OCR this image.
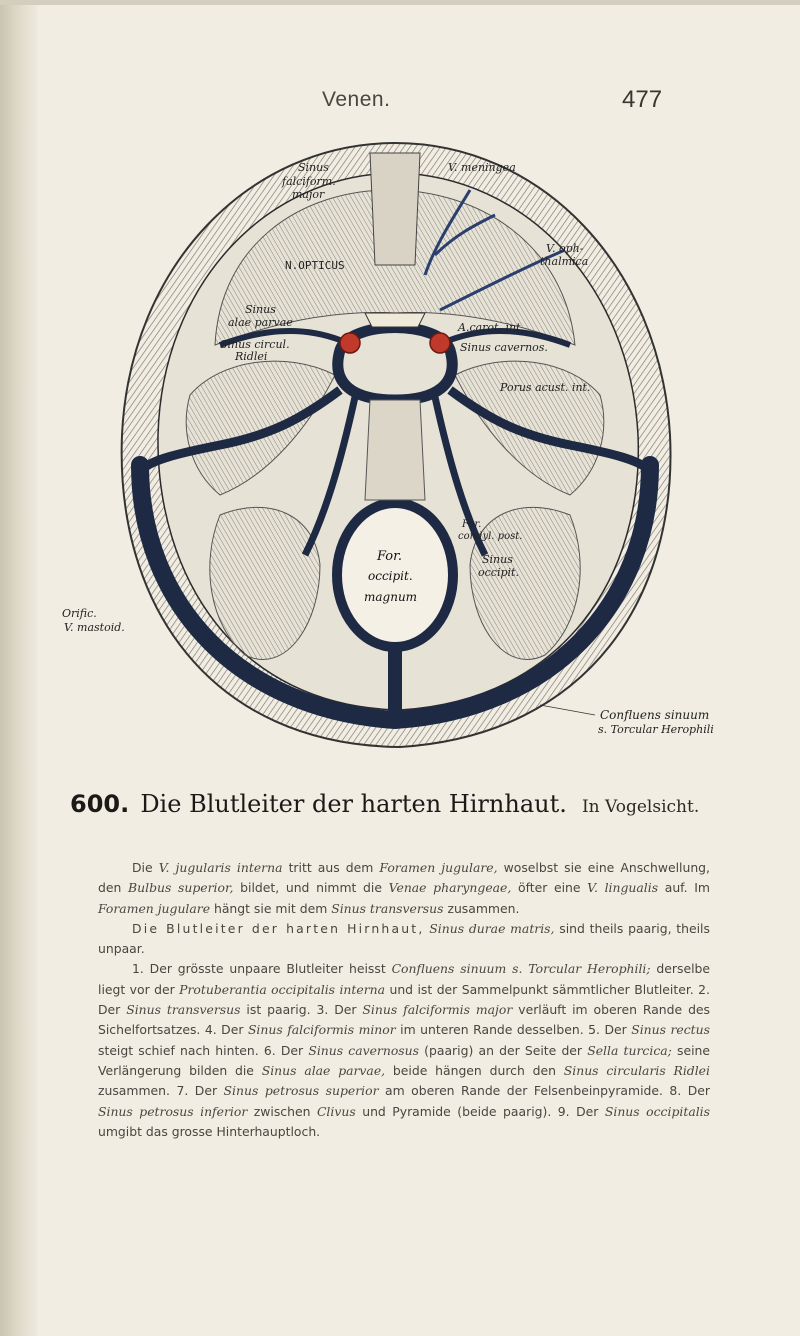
Venen.	477
Sinus
falciform.
major
V. meningea
V. oph-
thalmica
N.OPTICUS
Sinus
alae parvae
Sinus circul.
Ridlei
A.carot. int.
Sinus cavernos.
Porus acust. int.
For.
condyl. post.
Sinus
occipit.
For.
occipit.
magnum
Orific.
V. mastoid.
Confluens sinuum
s. Torcular Herophili
600. Die Blutleiter der harten Hirnhaut. In Vogelsicht.

Die V. jugularis interna tritt aus dem Foramen jugulare, woselbst sie eine Anschwellung, den Bulbus superior, bildet, und nimmt die Venae pharyngeae, öfter eine V. lingualis auf. Im Foramen jugulare hängt sie mit dem Sinus transversus zusammen.

Die Blutleiter der harten Hirnhaut, Sinus durae matris, sind theils paarig, theils unpaar.

1. Der grösste unpaare Blutleiter heisst Confluens sinuum s. Torcular Herophili; derselbe liegt vor der Protuberantia occipitalis interna und ist der Sammelpunkt sämmtlicher Blutleiter. 2. Der Sinus transversus ist paarig. 3. Der Sinus falciformis major verläuft im oberen Rande des Sichelfortsatzes. 4. Der Sinus falciformis minor im unteren Rande desselben. 5. Der Sinus rectus steigt schief nach hinten. 6. Der Sinus cavernosus (paarig) an der Seite der Sella turcica; seine Verlängerung bilden die Sinus alae parvae, beide hängen durch den Sinus circularis Ridlei zusammen. 7. Der Sinus petrosus superior am oberen Rande der Felsenbeinpyramide. 8. Der Sinus petrosus inferior zwischen Clivus und Pyramide (beide paarig). 9. Der Sinus occipitalis umgibt das grosse Hinterhauptloch.
